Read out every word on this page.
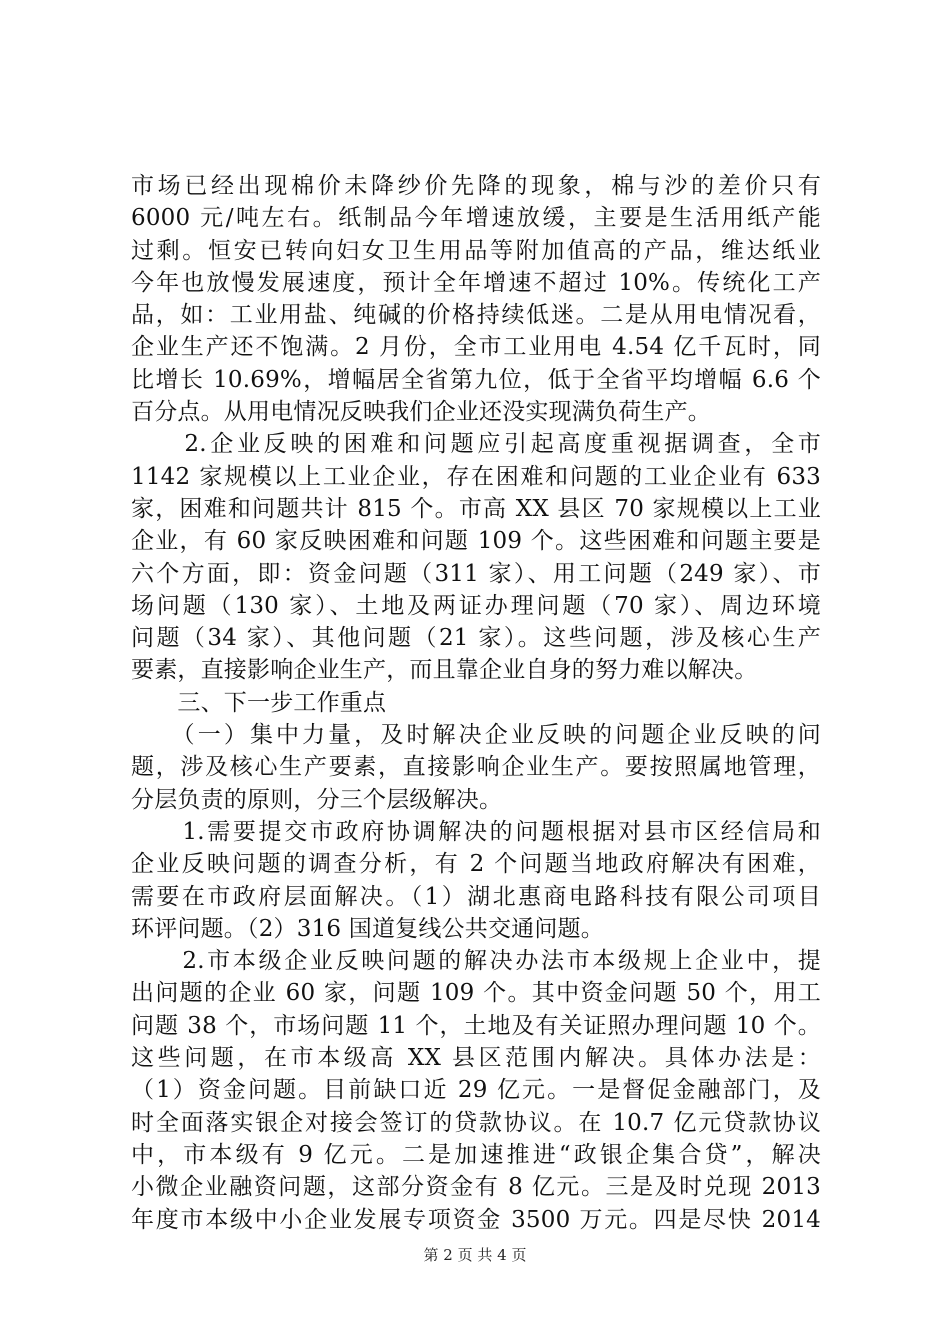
市场已经出现棉价未降纱价先降的现象，棉与沙的差价只有
6000 元/吨左右。纸制品今年增速放缓，主要是生活用纸产能
过剩。恒安已转向妇女卫生用品等附加值高的产品，维达纸业
今年也放慢发展速度，预计全年增速不超过 10%。传统化工产
品，如：工业用盐、纯碱的价格持续低迷。二是从用电情况看，
企业生产还不饱满。2 月份，全市工业用电 4.54 亿千瓦时，同
比增长 10.69%，增幅居全省第九位，低于全省平均增幅 6.6 个
百分点。从用电情况反映我们企业还没实现满负荷生产。
　　2.企业反映的困难和问题应引起高度重视据调查，全市
1142 家规模以上工业企业，存在困难和问题的工业企业有 633
家，困难和问题共计 815 个。市高 XX 县区 70 家规模以上工业
企业，有 60 家反映困难和问题 109 个。这些困难和问题主要是
六个方面，即：资金问题（311 家）、用工问题（249 家）、市
场问题（130 家）、土地及两证办理问题（70 家）、周边环境
问题（34 家）、其他问题（21 家）。这些问题，涉及核心生产
要素，直接影响企业生产，而且靠企业自身的努力难以解决。
　　三、下一步工作重点
　　（一）集中力量，及时解决企业反映的问题企业反映的问
题，涉及核心生产要素，直接影响企业生产。要按照属地管理，
分层负责的原则，分三个层级解决。
　　1.需要提交市政府协调解决的问题根据对县市区经信局和
企业反映问题的调查分析，有 2 个问题当地政府解决有困难，
需要在市政府层面解决。（1）湖北惠商电路科技有限公司项目
环评问题。（2）316 国道复线公共交通问题。
　　2.市本级企业反映问题的解决办法市本级规上企业中，提
出问题的企业 60 家，问题 109 个。其中资金问题 50 个，用工
问题 38 个，市场问题 11 个，土地及有关证照办理问题 10 个。
这些问题，在市本级高 XX 县区范围内解决。具体办法是：
（1）资金问题。目前缺口近 29 亿元。一是督促金融部门，及
时全面落实银企对接会签订的贷款协议。在 10.7 亿元贷款协议
中，市本级有 9 亿元。二是加速推进“政银企集合贷”，解决
小微企业融资问题，这部分资金有 8 亿元。三是及时兑现 2013
年度市本级中小企业发展专项资金 3500 万元。四是尽快 2014
第 2 页 共 4 页
